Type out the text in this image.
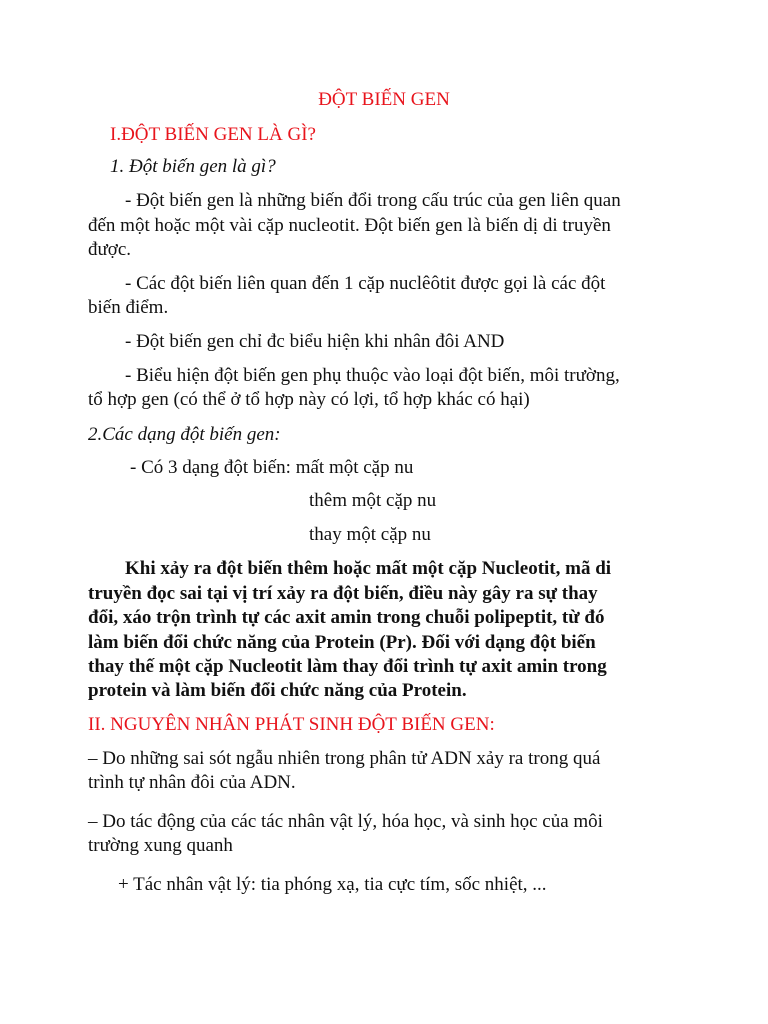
ĐỘT BIẾN GEN
I.ĐỘT BIẾN GEN LÀ GÌ?
1. Đột biến gen là gì?
- Đột biến gen là những biến đổi trong cấu trúc của gen liên quan
đến một hoặc một vài cặp nucleotit. Đột biến gen là biến dị di truyền
được.
- Các đột biến liên quan đến 1 cặp nuclêôtit được gọi là các đột
biến điểm.
- Đột biến gen chỉ đc biểu hiện khi nhân đôi AND
- Biểu hiện đột biến gen phụ thuộc vào loại đột biến, môi trường,
tổ hợp gen (có thể ở tổ hợp này có lợi, tổ hợp khác có hại)
2.Các dạng đột biến gen:
- Có 3 dạng đột biến: mất một cặp nu
thêm một cặp nu
thay một cặp nu
Khi xảy ra đột biến thêm hoặc mất một cặp Nucleotit, mã di
truyền đọc sai tại vị trí xảy ra đột biến, điều này gây ra sự thay
đổi, xáo trộn trình tự các axit amin trong chuỗi polipeptit, từ đó
làm biến đổi chức năng của Protein (Pr). Đối với dạng đột biến
thay thế một cặp Nucleotit làm thay đổi trình tự axit amin trong
protein và làm biến đổi chức năng của Protein.
II. NGUYÊN NHÂN PHÁT SINH ĐỘT BIẾN GEN:
– Do những sai sót ngẫu nhiên trong phân tử ADN xảy ra trong quá
trình tự nhân đôi của ADN.
– Do tác động của các tác nhân vật lý, hóa học, và sinh học của môi
trường xung quanh
+ Tác nhân vật lý: tia phóng xạ, tia cực tím, sốc nhiệt, ...
